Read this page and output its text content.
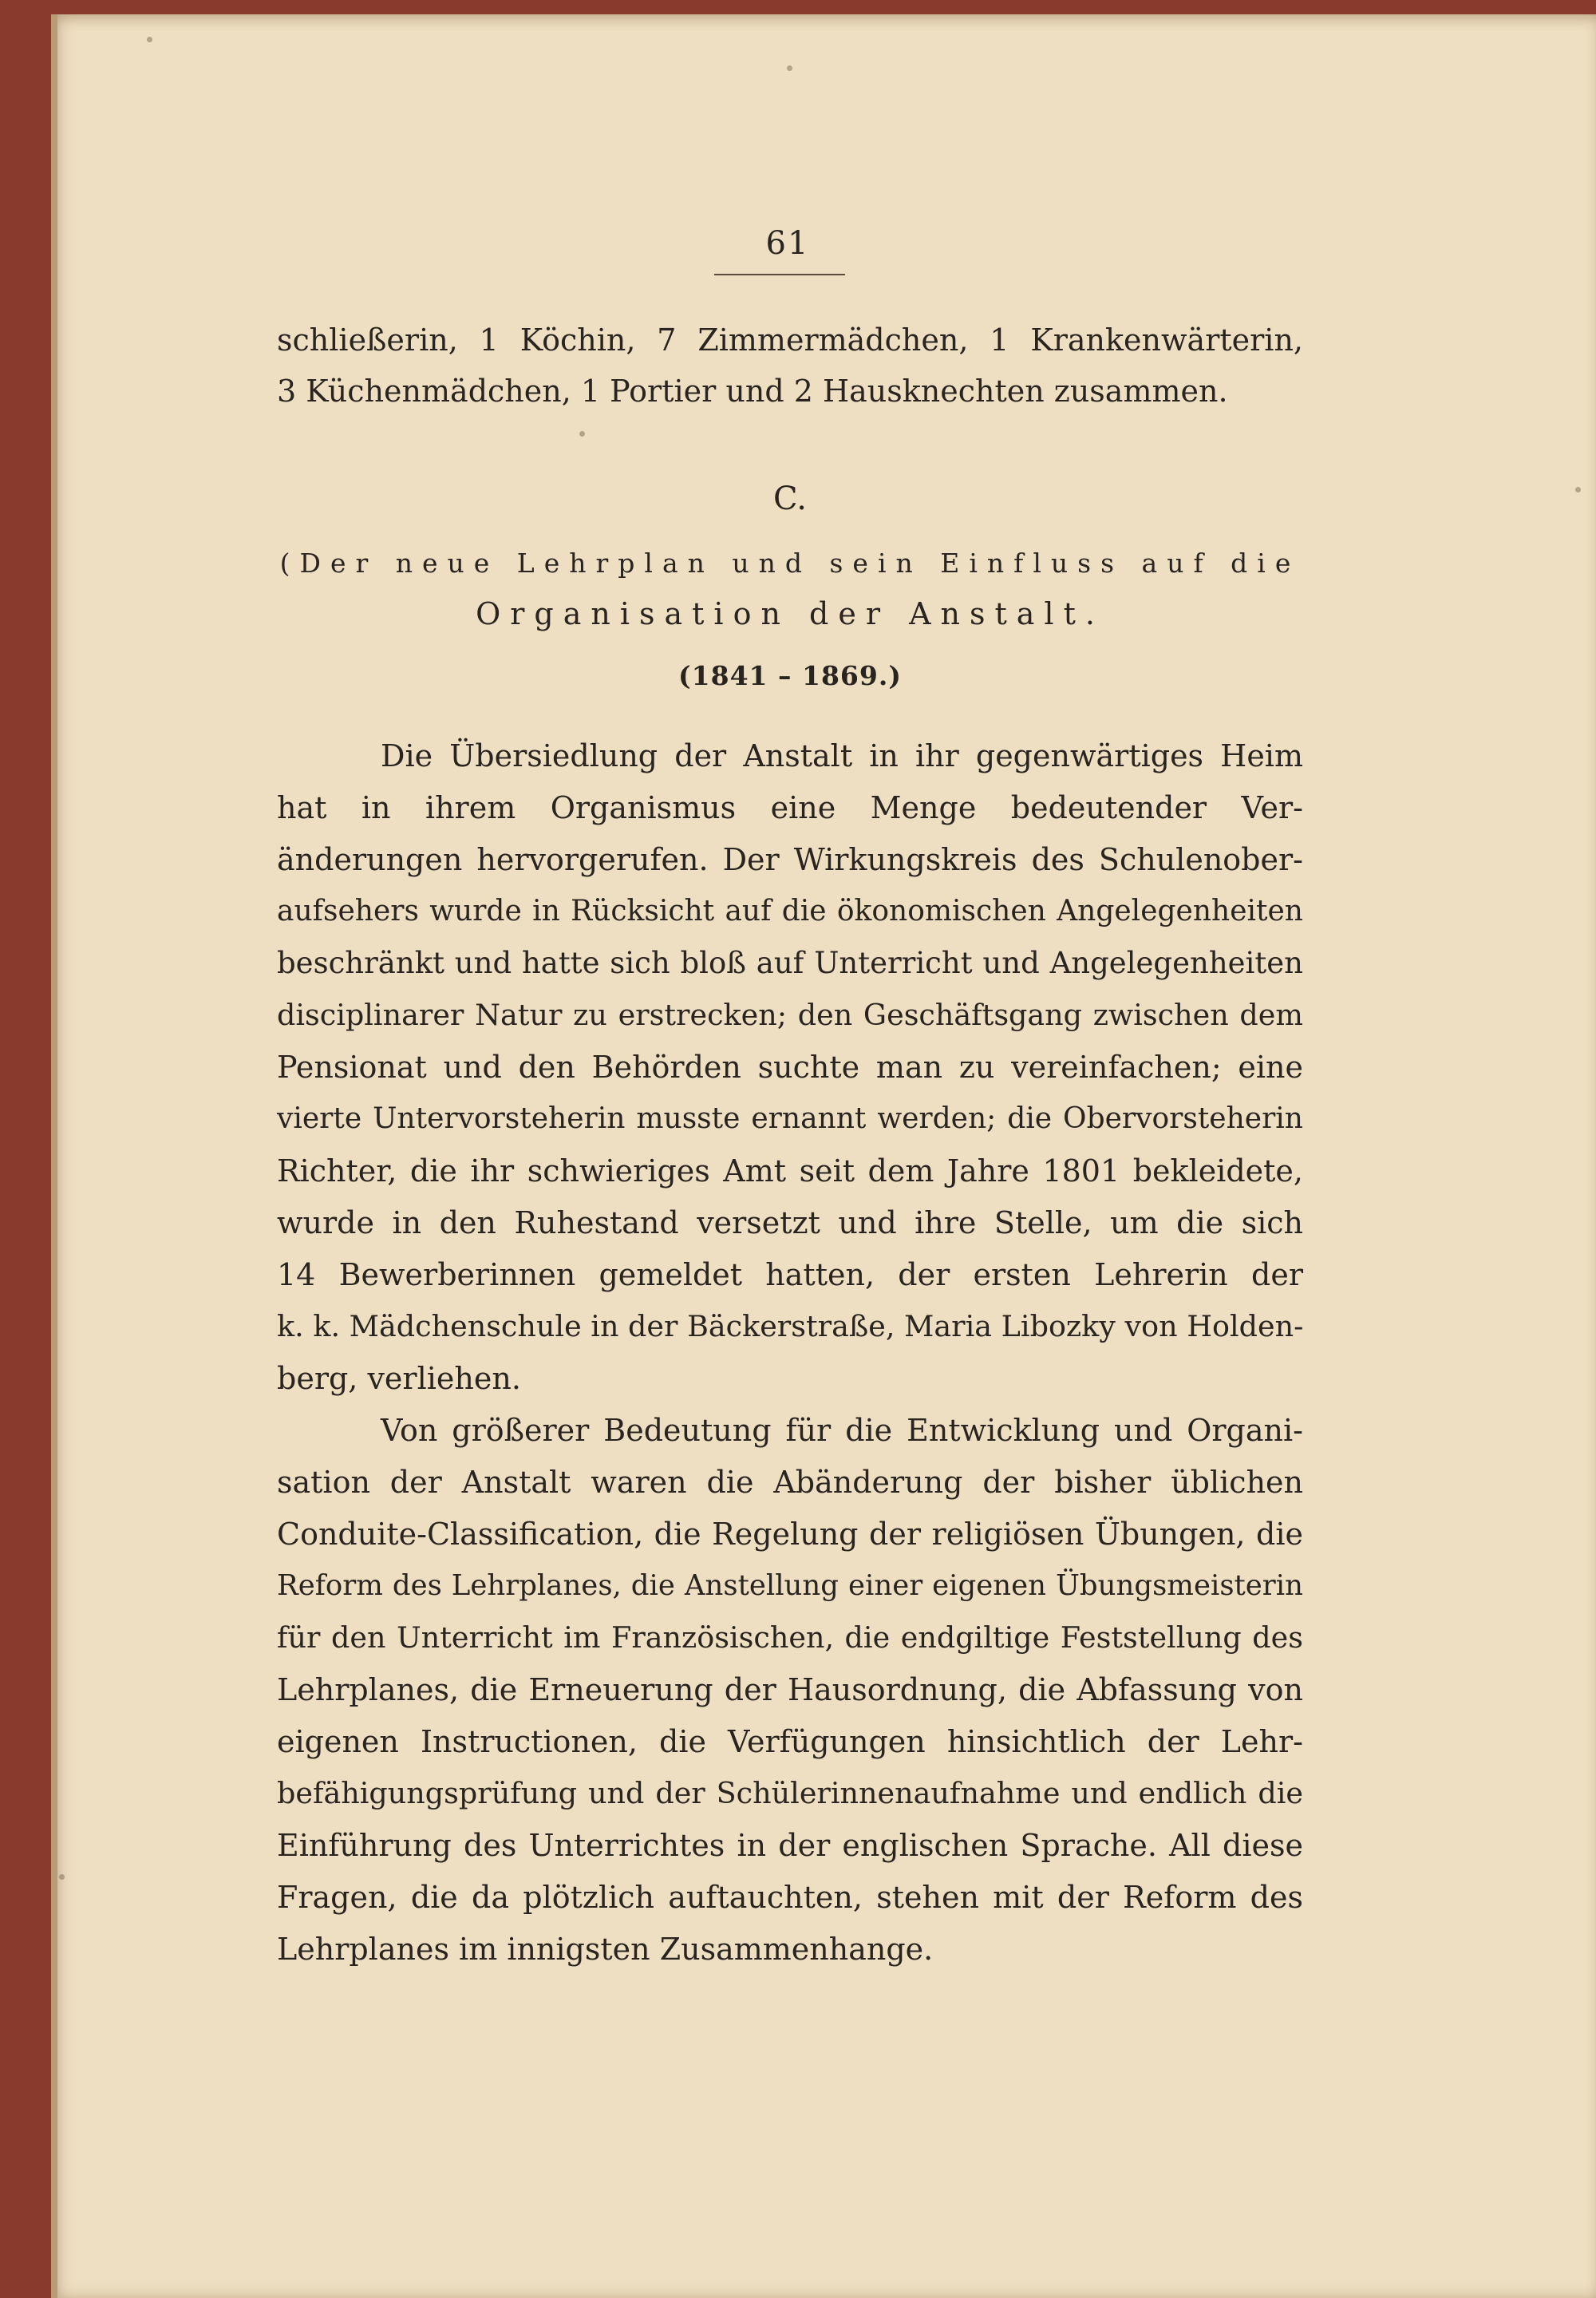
61
schließerin, 1 Köchin, 7 Zimmermädchen, 1 Krankenwärterin,
3 Küchenmädchen, 1 Portier und 2 Hausknechten zusammen.
C.
(Der neue Lehrplan und sein Einfluss auf die
Organisation der Anstalt.
(1841 – 1869.)
Die Übersiedlung der Anstalt in ihr gegenwärtiges Heim
hat in ihrem Organismus eine Menge bedeutender Ver-
änderungen hervorgerufen. Der Wirkungskreis des Schulenober-
aufsehers wurde in Rücksicht auf die ökonomischen Angelegenheiten
beschränkt und hatte sich bloß auf Unterricht und Angelegenheiten
disciplinarer Natur zu erstrecken; den Geschäftsgang zwischen dem
Pensionat und den Behörden suchte man zu vereinfachen; eine
vierte Untervorsteherin musste ernannt werden; die Obervorsteherin
Richter, die ihr schwieriges Amt seit dem Jahre 1801 bekleidete,
wurde in den Ruhestand versetzt und ihre Stelle, um die sich
14 Bewerberinnen gemeldet hatten, der ersten Lehrerin der
k. k. Mädchenschule in der Bäckerstraße, Maria Libozky von Holden-
berg, verliehen.
Von größerer Bedeutung für die Entwicklung und Organi-
sation der Anstalt waren die Abänderung der bisher üblichen
Conduite-Classification, die Regelung der religiösen Übungen, die
Reform des Lehrplanes, die Anstellung einer eigenen Übungsmeisterin
für den Unterricht im Französischen, die endgiltige Feststellung des
Lehrplanes, die Erneuerung der Hausordnung, die Abfassung von
eigenen Instructionen, die Verfügungen hinsichtlich der Lehr-
befähigungsprüfung und der Schülerinnenaufnahme und endlich die
Einführung des Unterrichtes in der englischen Sprache. All diese
Fragen, die da plötzlich auftauchten, stehen mit der Reform des
Lehrplanes im innigsten Zusammenhange.
